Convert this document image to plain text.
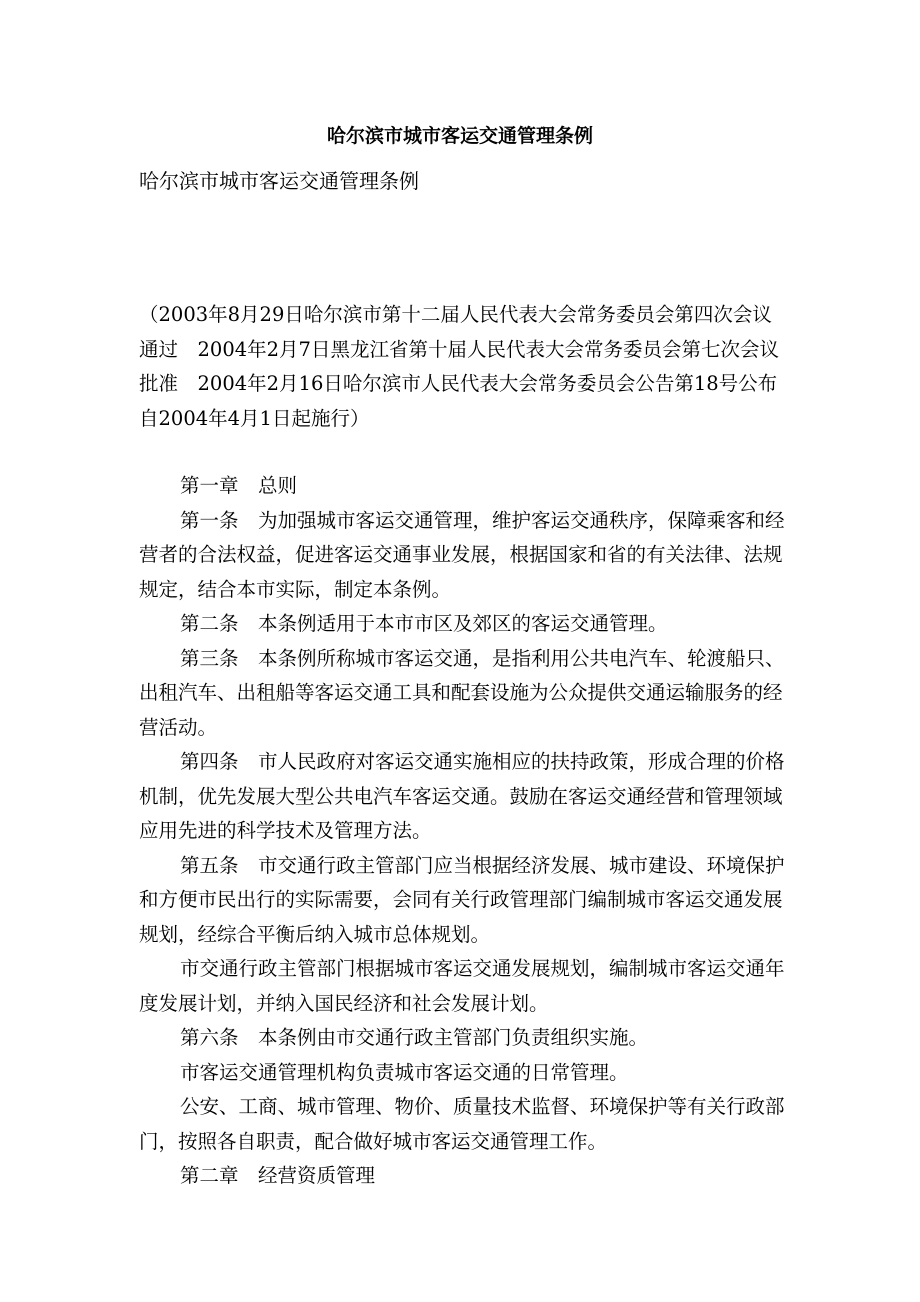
哈尔滨市城市客运交通管理条例
哈尔滨市城市客运交通管理条例

（2003年8月29日哈尔滨市第十二届人民代表大会常务委员会第四次会议通过　2004年2月7日黑龙江省第十届人民代表大会常务委员会第七次会议批准　2004年2月16日哈尔滨市人民代表大会常务委员会公告第18号公布　自2004年4月1日起施行）

第一章　总则

第一条　为加强城市客运交通管理，维护客运交通秩序，保障乘客和经营者的合法权益，促进客运交通事业发展，根据国家和省的有关法律、法规规定，结合本市实际，制定本条例。

第二条　本条例适用于本市市区及郊区的客运交通管理。

第三条　本条例所称城市客运交通，是指利用公共电汽车、轮渡船只、出租汽车、出租船等客运交通工具和配套设施为公众提供交通运输服务的经营活动。

第四条　市人民政府对客运交通实施相应的扶持政策，形成合理的价格机制，优先发展大型公共电汽车客运交通。鼓励在客运交通经营和管理领域应用先进的科学技术及管理方法。

第五条　市交通行政主管部门应当根据经济发展、城市建设、环境保护和方便市民出行的实际需要，会同有关行政管理部门编制城市客运交通发展规划，经综合平衡后纳入城市总体规划。

市交通行政主管部门根据城市客运交通发展规划，编制城市客运交通年度发展计划，并纳入国民经济和社会发展计划。

第六条　本条例由市交通行政主管部门负责组织实施。

市客运交通管理机构负责城市客运交通的日常管理。

公安、工商、城市管理、物价、质量技术监督、环境保护等有关行政部门，按照各自职责，配合做好城市客运交通管理工作。

第二章　经营资质管理
